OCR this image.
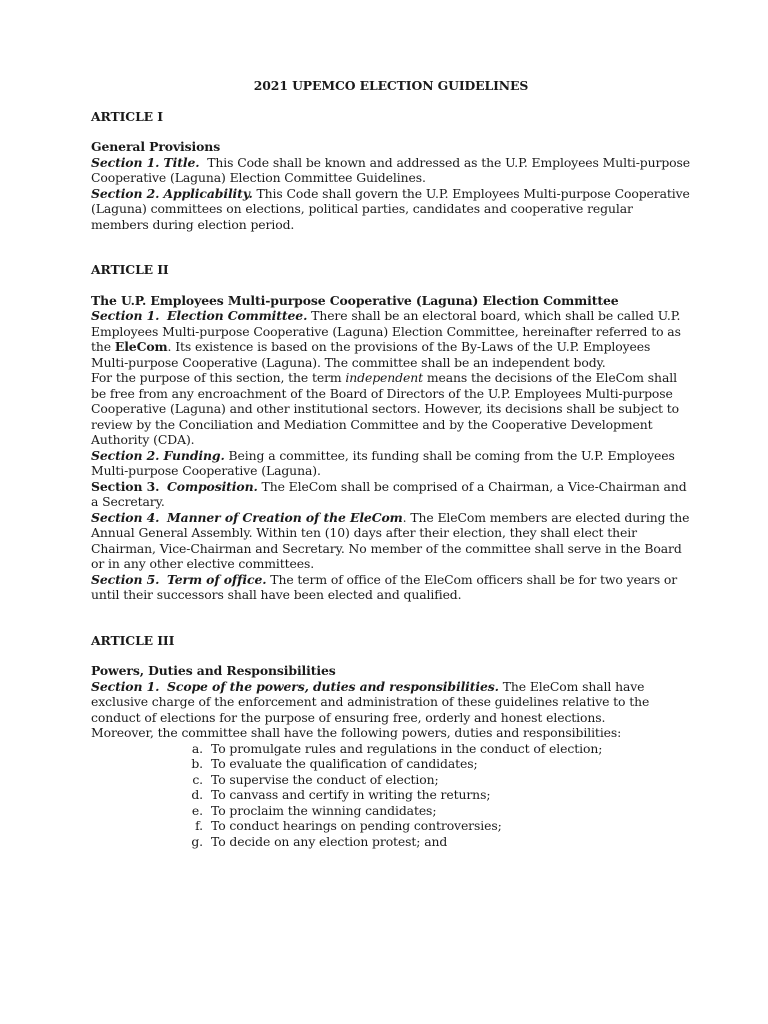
2021 UPEMCO ELECTION GUIDELINES

ARTICLE I

General Provisions

Section 1. Title. This Code shall be known and addressed as the U.P. Employees Multi-purpose Cooperative (Laguna) Election Committee Guidelines.

Section 2. Applicability. This Code shall govern the U.P. Employees Multi-purpose Cooperative (Laguna) committees on elections, political parties, candidates and cooperative regular members during election period.

ARTICLE II

The U.P. Employees Multi-purpose Cooperative (Laguna) Election Committee

Section 1. Election Committee. There shall be an electoral board, which shall be called U.P. Employees Multi-purpose Cooperative (Laguna) Election Committee, hereinafter referred to as the EleCom. Its existence is based on the provisions of the By-Laws of the U.P. Employees Multi-purpose Cooperative (Laguna). The committee shall be an independent body.

For the purpose of this section, the term independent means the decisions of the EleCom shall be free from any encroachment of the Board of Directors of the U.P. Employees Multi-purpose Cooperative (Laguna) and other institutional sectors. However, its decisions shall be subject to review by the Conciliation and Mediation Committee and by the Cooperative Development Authority (CDA).

Section 2. Funding. Being a committee, its funding shall be coming from the U.P. Employees Multi-purpose Cooperative (Laguna).

Section 3. Composition. The EleCom shall be comprised of a Chairman, a Vice-Chairman and a Secretary.

Section 4. Manner of Creation of the EleCom. The EleCom members are elected during the Annual General Assembly. Within ten (10) days after their election, they shall elect their Chairman, Vice-Chairman and Secretary. No member of the committee shall serve in the Board or in any other elective committees.

Section 5. Term of office. The term of office of the EleCom officers shall be for two years or until their successors shall have been elected and qualified.

ARTICLE III

Powers, Duties and Responsibilities

Section 1. Scope of the powers, duties and responsibilities. The EleCom shall have exclusive charge of the enforcement and administration of these guidelines relative to the conduct of elections for the purpose of ensuring free, orderly and honest elections.

Moreover, the committee shall have the following powers, duties and responsibilities:

a. To promulgate rules and regulations in the conduct of election;
b. To evaluate the qualification of candidates;
c. To supervise the conduct of election;
d. To canvass and certify in writing the returns;
e. To proclaim the winning candidates;
f. To conduct hearings on pending controversies;
g. To decide on any election protest; and
